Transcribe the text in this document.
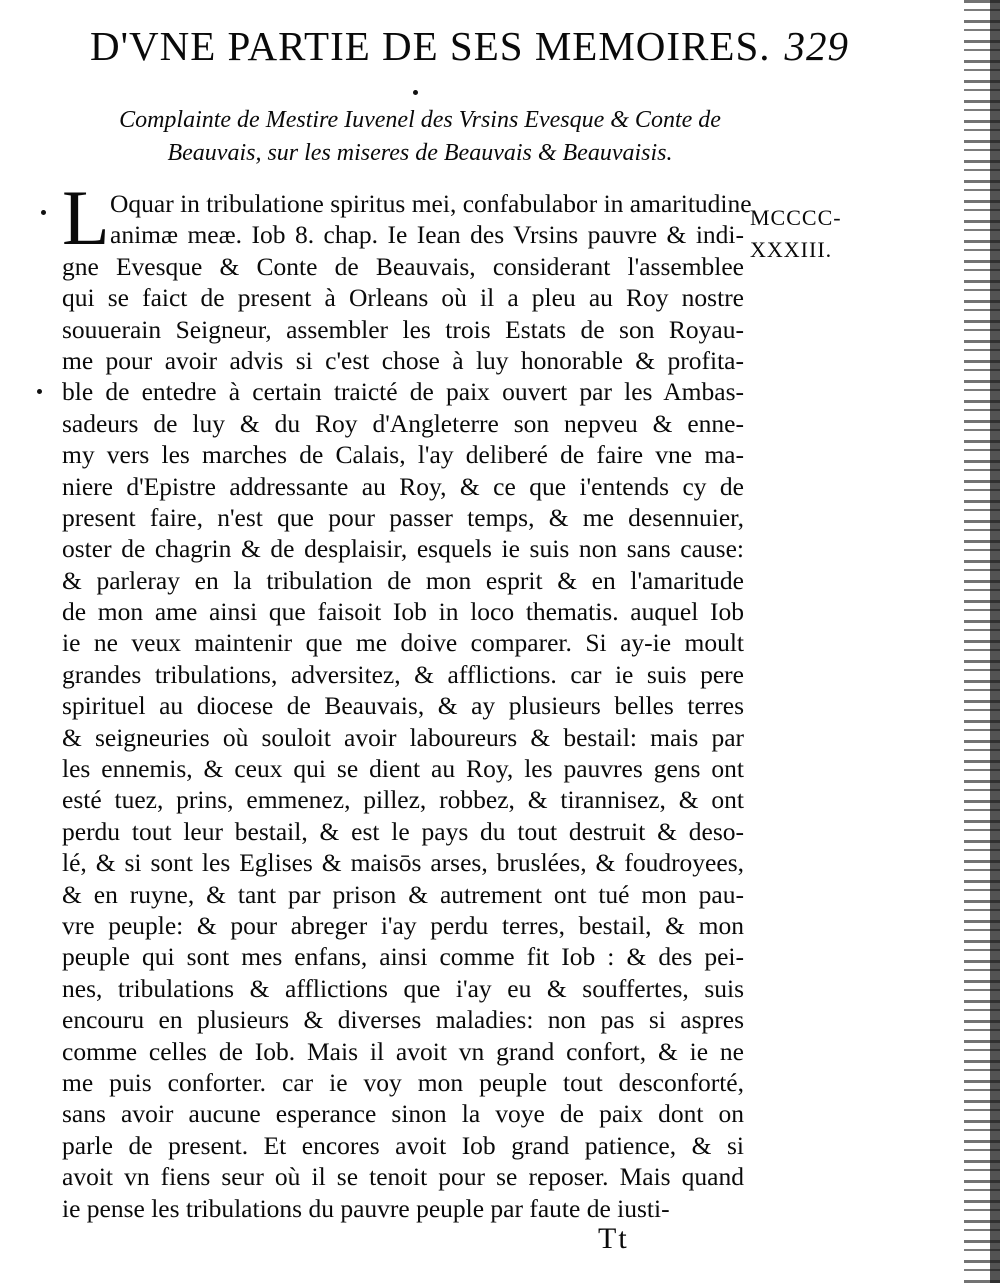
D'VNE PARTIE DE SES MEMOIRES. 329
Complainte de Mestire Iuvenel des Vrsins Evesque & Conte de
Beauvais, sur les miseres de Beauvais & Beauvaisis.
L	MCCCC-
XXXIII.
Oquar in tribulatione spiritus mei, confabulabor in amaritudine
animæ meæ. Iob 8. chap. Ie Iean des Vrsins pauvre & indi-
gne Evesque & Conte de Beauvais, considerant l'assemblee
qui se faict de present à Orleans où il a pleu au Roy nostre
souuerain Seigneur, assembler les trois Estats de son Royau-
me pour avoir advis si c'est chose à luy honorable & profita-
ble de entedre à certain traicté de paix ouvert par les Ambas-
sadeurs de luy & du Roy d'Angleterre son nepveu & enne-
my vers les marches de Calais, l'ay deliberé de faire vne ma-
niere d'Epistre addressante au Roy, & ce que i'entends cy de
present faire, n'est que pour passer temps, & me desennuier,
oster de chagrin & de desplaisir, esquels ie suis non sans cause:
& parleray en la tribulation de mon esprit & en l'amaritude
de mon ame ainsi que faisoit Iob in loco thematis. auquel Iob
ie ne veux maintenir que me doive comparer. Si ay-ie moult
grandes tribulations, adversitez, & afflictions. car ie suis pere
spirituel au diocese de Beauvais, & ay plusieurs belles terres
& seigneuries où souloit avoir laboureurs & bestail: mais par
les ennemis, & ceux qui se dient au Roy, les pauvres gens ont
esté tuez, prins, emmenez, pillez, robbez, & tirannisez, & ont
perdu tout leur bestail, & est le pays du tout destruit & deso-
lé, & si sont les Eglises & maisōs arses, bruslées, & foudroyees,
& en ruyne, & tant par prison & autrement ont tué mon pau-
vre peuple: & pour abreger i'ay perdu terres, bestail, & mon
peuple qui sont mes enfans, ainsi comme fit Iob : & des pei-
nes, tribulations & afflictions que i'ay eu & souffertes, suis
encouru en plusieurs & diverses maladies: non pas si aspres
comme celles de Iob. Mais il avoit vn grand confort, & ie ne
me puis conforter. car ie voy mon peuple tout desconforté,
sans avoir aucune esperance sinon la voye de paix dont on
parle de present. Et encores avoit Iob grand patience, & si
avoit vn fiens seur où il se tenoit pour se reposer. Mais quand
ie pense les tribulations du pauvre peuple par faute de iusti-
Tt
